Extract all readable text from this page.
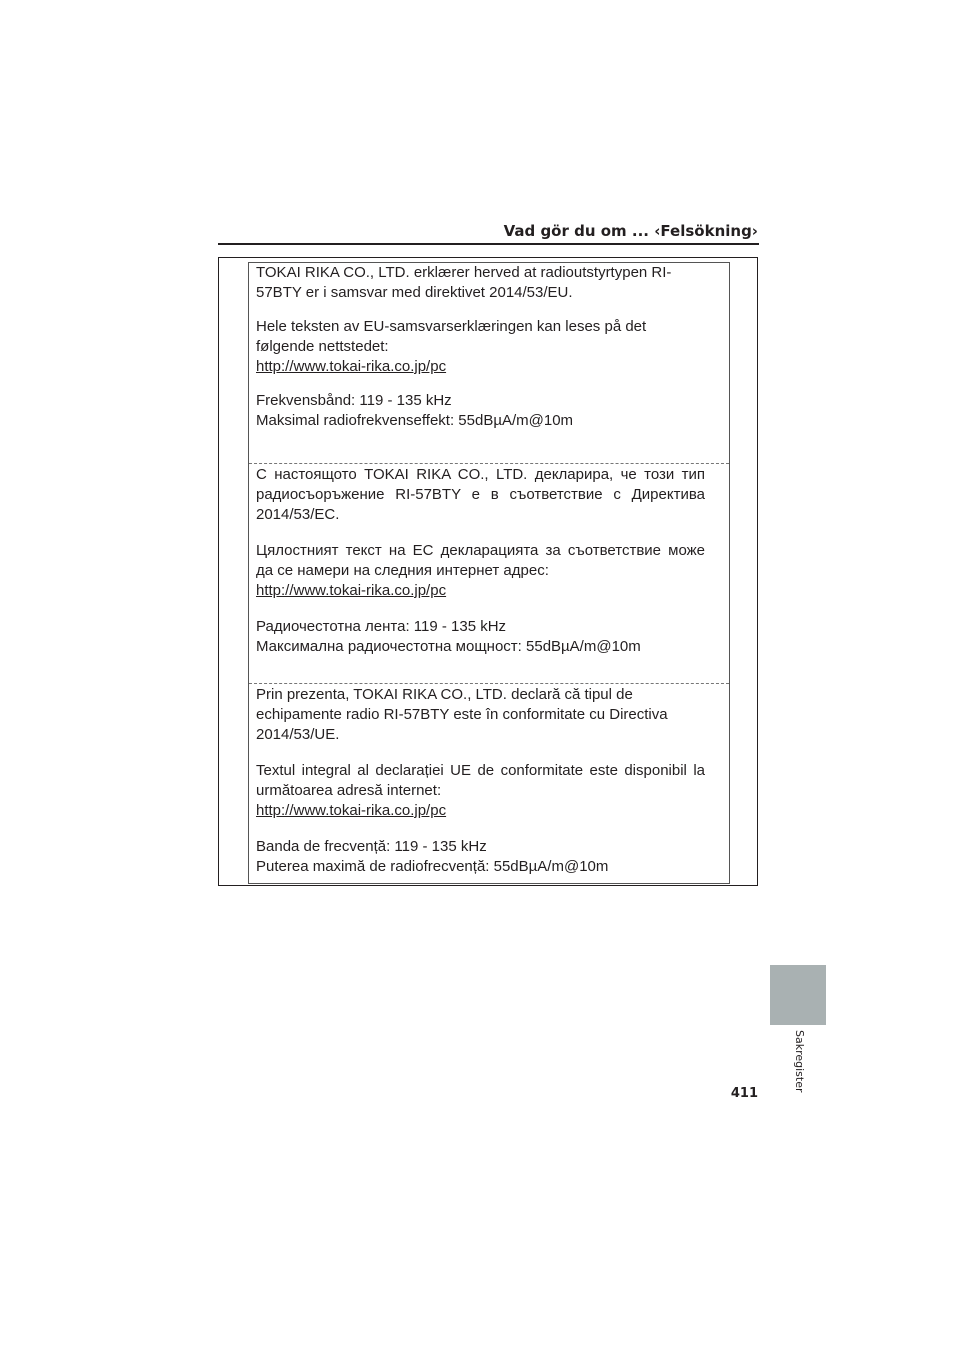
Vad gör du om ... ‹Felsökning›

TOKAI RIKA CO., LTD. erklærer herved at radioutstyrtypen RI-57BTY er i samsvar med direktivet 2014/53/EU.

Hele teksten av EU-samsvarserklæringen kan leses på det følgende nettstedet:

http://www.tokai-rika.co.jp/pc

Frekvensbånd: 119 - 135 kHz

Maksimal radiofrekvenseffekt: 55dBµA/m@10m

С настоящото TOKAI RIKA CO., LTD. декларира, че този тип радиосъоръжение RI-57BTY е в съответствие с Директива 2014/53/ЕС.

Цялостният текст на ЕС декларацията за съответствие може да се намери на следния интернет адрес:

http://www.tokai-rika.co.jp/pc

Радиочестотна лента: 119 - 135 kHz

Максимална радиочестотна мощност: 55dBµA/m@10m

Prin prezenta, TOKAI RIKA CO., LTD. declară că tipul de echipamente radio RI-57BTY este în conformitate cu Directiva 2014/53/UE.

Textul integral al declarației UE de conformitate este disponibil la următoarea adresă internet:

http://www.tokai-rika.co.jp/pc

Banda de frecvență: 119 - 135 kHz

Puterea maximă de radiofrecvență: 55dBµA/m@10m

Sakregister
411
